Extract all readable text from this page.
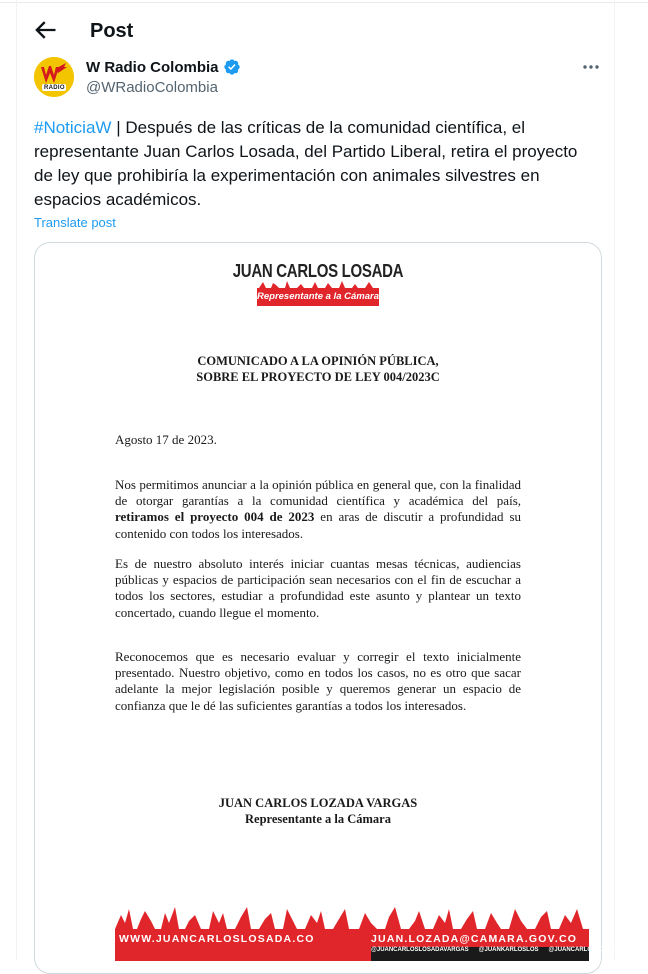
Post
RADIO
W Radio Colombia
@WRadioColombia
#NoticiaW | Después de las críticas de la comunidad científica, el representante Juan Carlos Losada, del Partido Liberal, retira el proyecto de ley que prohibiría la experimentación con animales silvestres en espacios académicos.
Translate post
JUAN CARLOS LOSADA
Representante a la Cámara
COMUNICADO A LA OPINIÓN PÚBLICA,
SOBRE EL PROYECTO DE LEY 004/2023C
Agosto 17 de 2023.
Nos permitimos anunciar a la opinión pública en general que, con la finalidad de otorgar garantías a la comunidad científica y académica del país, retiramos el proyecto 004 de 2023 en aras de discutir a profundidad su contenido con todos los interesados.
Es de nuestro absoluto interés iniciar cuantas mesas técnicas, audiencias públicas y espacios de participación sean necesarios con el fin de escuchar a todos los sectores, estudiar a profundidad este asunto y plantear un texto concertado, cuando llegue el momento.
Reconocemos que es necesario evaluar y corregir el texto inicialmente presentado. Nuestro objetivo, como en todos los casos, no es otro que sacar adelante la mejor legislación posible y queremos generar un espacio de confianza que le dé las suficientes garantías a todos los interesados.
JUAN CARLOS LOZADA VARGAS
Representante a la Cámara
WWW.JUANCARLOSLOSADA.CO	JUAN.LOZADA@CAMARA.GOV.CO
@JUANCARLOSLOSADAVARGAS @JUANKARLOSLOS @JUANCARLOSLOSADAVARGAS
